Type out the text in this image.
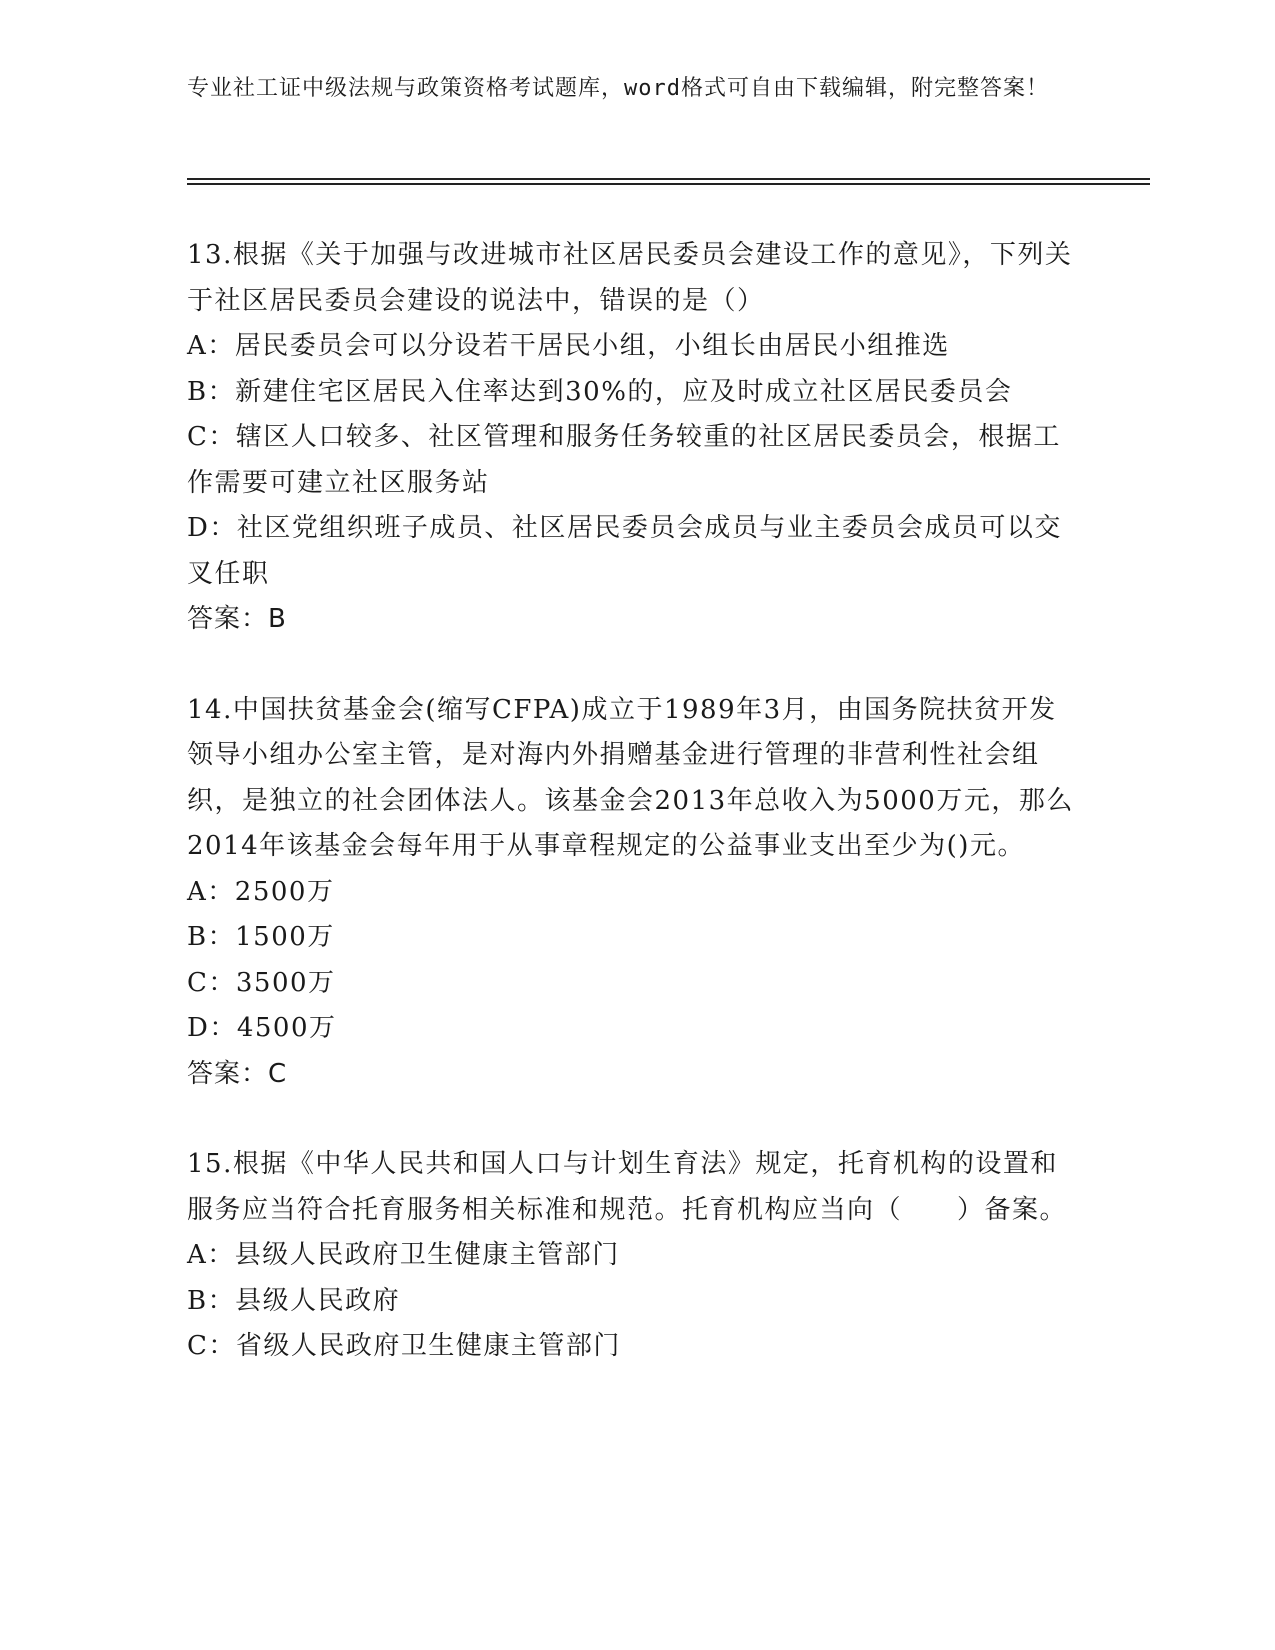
专业社工证中级法规与政策资格考试题库，word格式可自由下载编辑，附完整答案！

13.根据《关于加强与改进城市社区居民委员会建设工作的意见》，下列关于社区居民委员会建设的说法中，错误的是（）

A：居民委员会可以分设若干居民小组，小组长由居民小组推选

B：新建住宅区居民入住率达到30%的，应及时成立社区居民委员会

C：辖区人口较多、社区管理和服务任务较重的社区居民委员会，根据工作需要可建立社区服务站

D：社区党组织班子成员、社区居民委员会成员与业主委员会成员可以交叉任职

答案：B

14.中国扶贫基金会(缩写CFPA)成立于1989年3月，由国务院扶贫开发领导小组办公室主管，是对海内外捐赠基金进行管理的非营利性社会组织，是独立的社会团体法人。该基金会2013年总收入为5000万元，那么2014年该基金会每年用于从事章程规定的公益事业支出至少为()元。

A：2500万

B：1500万

C：3500万

D：4500万

答案：C

15.根据《中华人民共和国人口与计划生育法》规定，托育机构的设置和服务应当符合托育服务相关标准和规范。托育机构应当向（　　）备案。

A：县级人民政府卫生健康主管部门

B：县级人民政府

C：省级人民政府卫生健康主管部门
